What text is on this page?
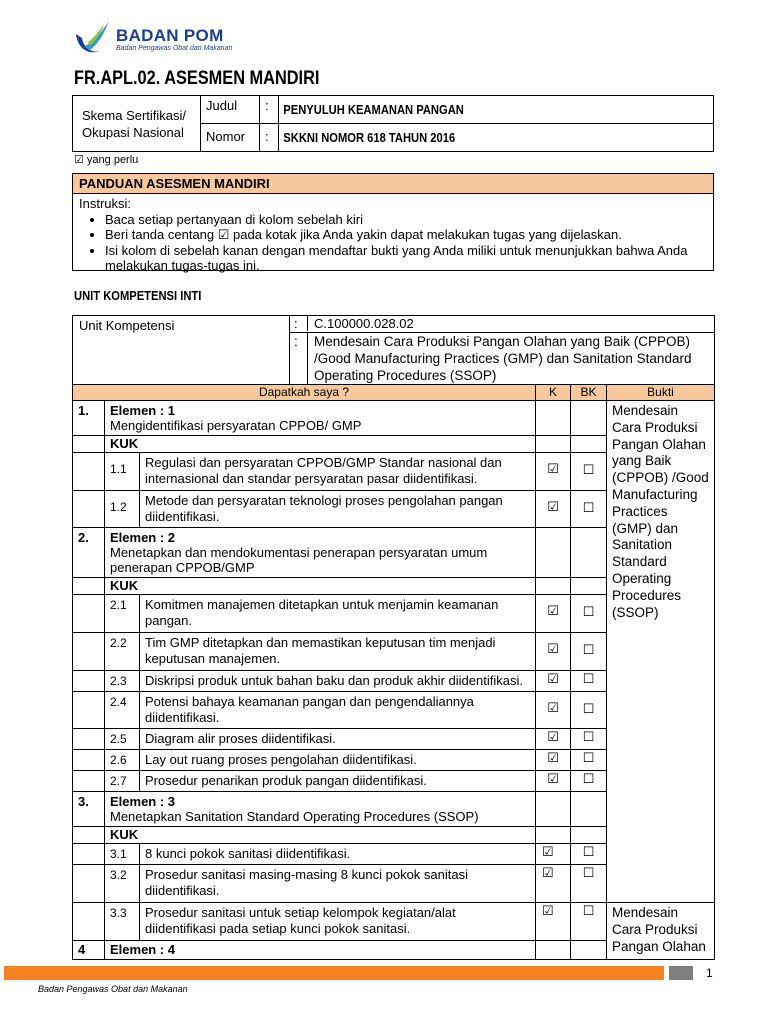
BADAN POM
Badan Pengawas Obat dan Makanan
FR.APL.02. ASESMEN MANDIRI
Skema Sertifikasi/ Okupasi Nasional	Judul	:	PENYULUH KEAMANAN PANGAN

	Nomor	:	SKKNI NOMOR 618 TAHUN 2016
☑ yang perlu
PANDUAN ASESMEN MANDIRI
Instruksi:
• Baca setiap pertanyaan di kolom sebelah kiri
• Beri tanda centang ☑ pada kotak jika Anda yakin dapat melakukan tugas yang dijelaskan.
• Isi kolom di sebelah kanan dengan mendaftar bukti yang Anda miliki untuk menunjukkan bahwa Anda melakukan tugas-tugas ini.
UNIT KOMPETENSI INTI
Unit Kompetensi			: C.100000.028.02			

			: Mendesain Cara Produksi Pangan Olahan yang Baik (CPPOB) /Good Manufacturing Practices (GMP) dan Sanitation Standard Operating Procedures (SSOP)			

Dapatkah saya ?				K	BK	Bukti

1.	Elemen : 1
Mengidentifikasi persyaratan CPPOB/ GMP					Mendesain Cara Produksi Pangan Olahan yang Baik (CPPOB) /Good Manufacturing Practices (GMP) dan Sanitation Standard Operating Procedures (SSOP)

	KUK					

	1.1	Regulasi dan persyaratan CPPOB/GMP Standar nasional dan internasional dan standar persyaratan pasar diidentifikasi.		☑	☐	

	1.2	Metode dan persyaratan teknologi proses pengolahan pangan diidentifikasi.		☑	☐	

2.	Elemen : 2
Menetapkan dan mendokumentasi penerapan persyaratan umum penerapan CPPOB/GMP					

	KUK					

	2.1	Komitmen manajemen ditetapkan untuk menjamin keamanan pangan.		☑	☐	

	2.2	Tim GMP ditetapkan dan memastikan keputusan tim menjadi keputusan manajemen.		☑	☐	

	2.3	Diskripsi produk untuk bahan baku dan produk akhir diidentifikasi.		☑	☐	

	2.4	Potensi bahaya keamanan pangan dan pengendaliannya diidentifikasi.		☑	☐	

	2.5	Diagram alir proses diidentifikasi.		☑	☐	

	2.6	Lay out ruang proses pengolahan diidentifikasi.		☑	☐	

	2.7	Prosedur penarikan produk pangan diidentifikasi.		☑	☐	

3.	Elemen : 3
Menetapkan Sanitation Standard Operating Procedures (SSOP)					

	KUK					

	3.1	8 kunci pokok sanitasi diidentifikasi.		☑	☐	

	3.2	Prosedur sanitasi masing-masing 8 kunci pokok sanitasi diidentifikasi.		☑	☐	

	3.3	Prosedur sanitasi untuk setiap kelompok kegiatan/alat diidentifikasi pada setiap kunci pokok sanitasi.		☑	☐	Mendesain Cara Produksi Pangan Olahan

4	Elemen : 4					

1
Badan Pengawas Obat dan Makanan
